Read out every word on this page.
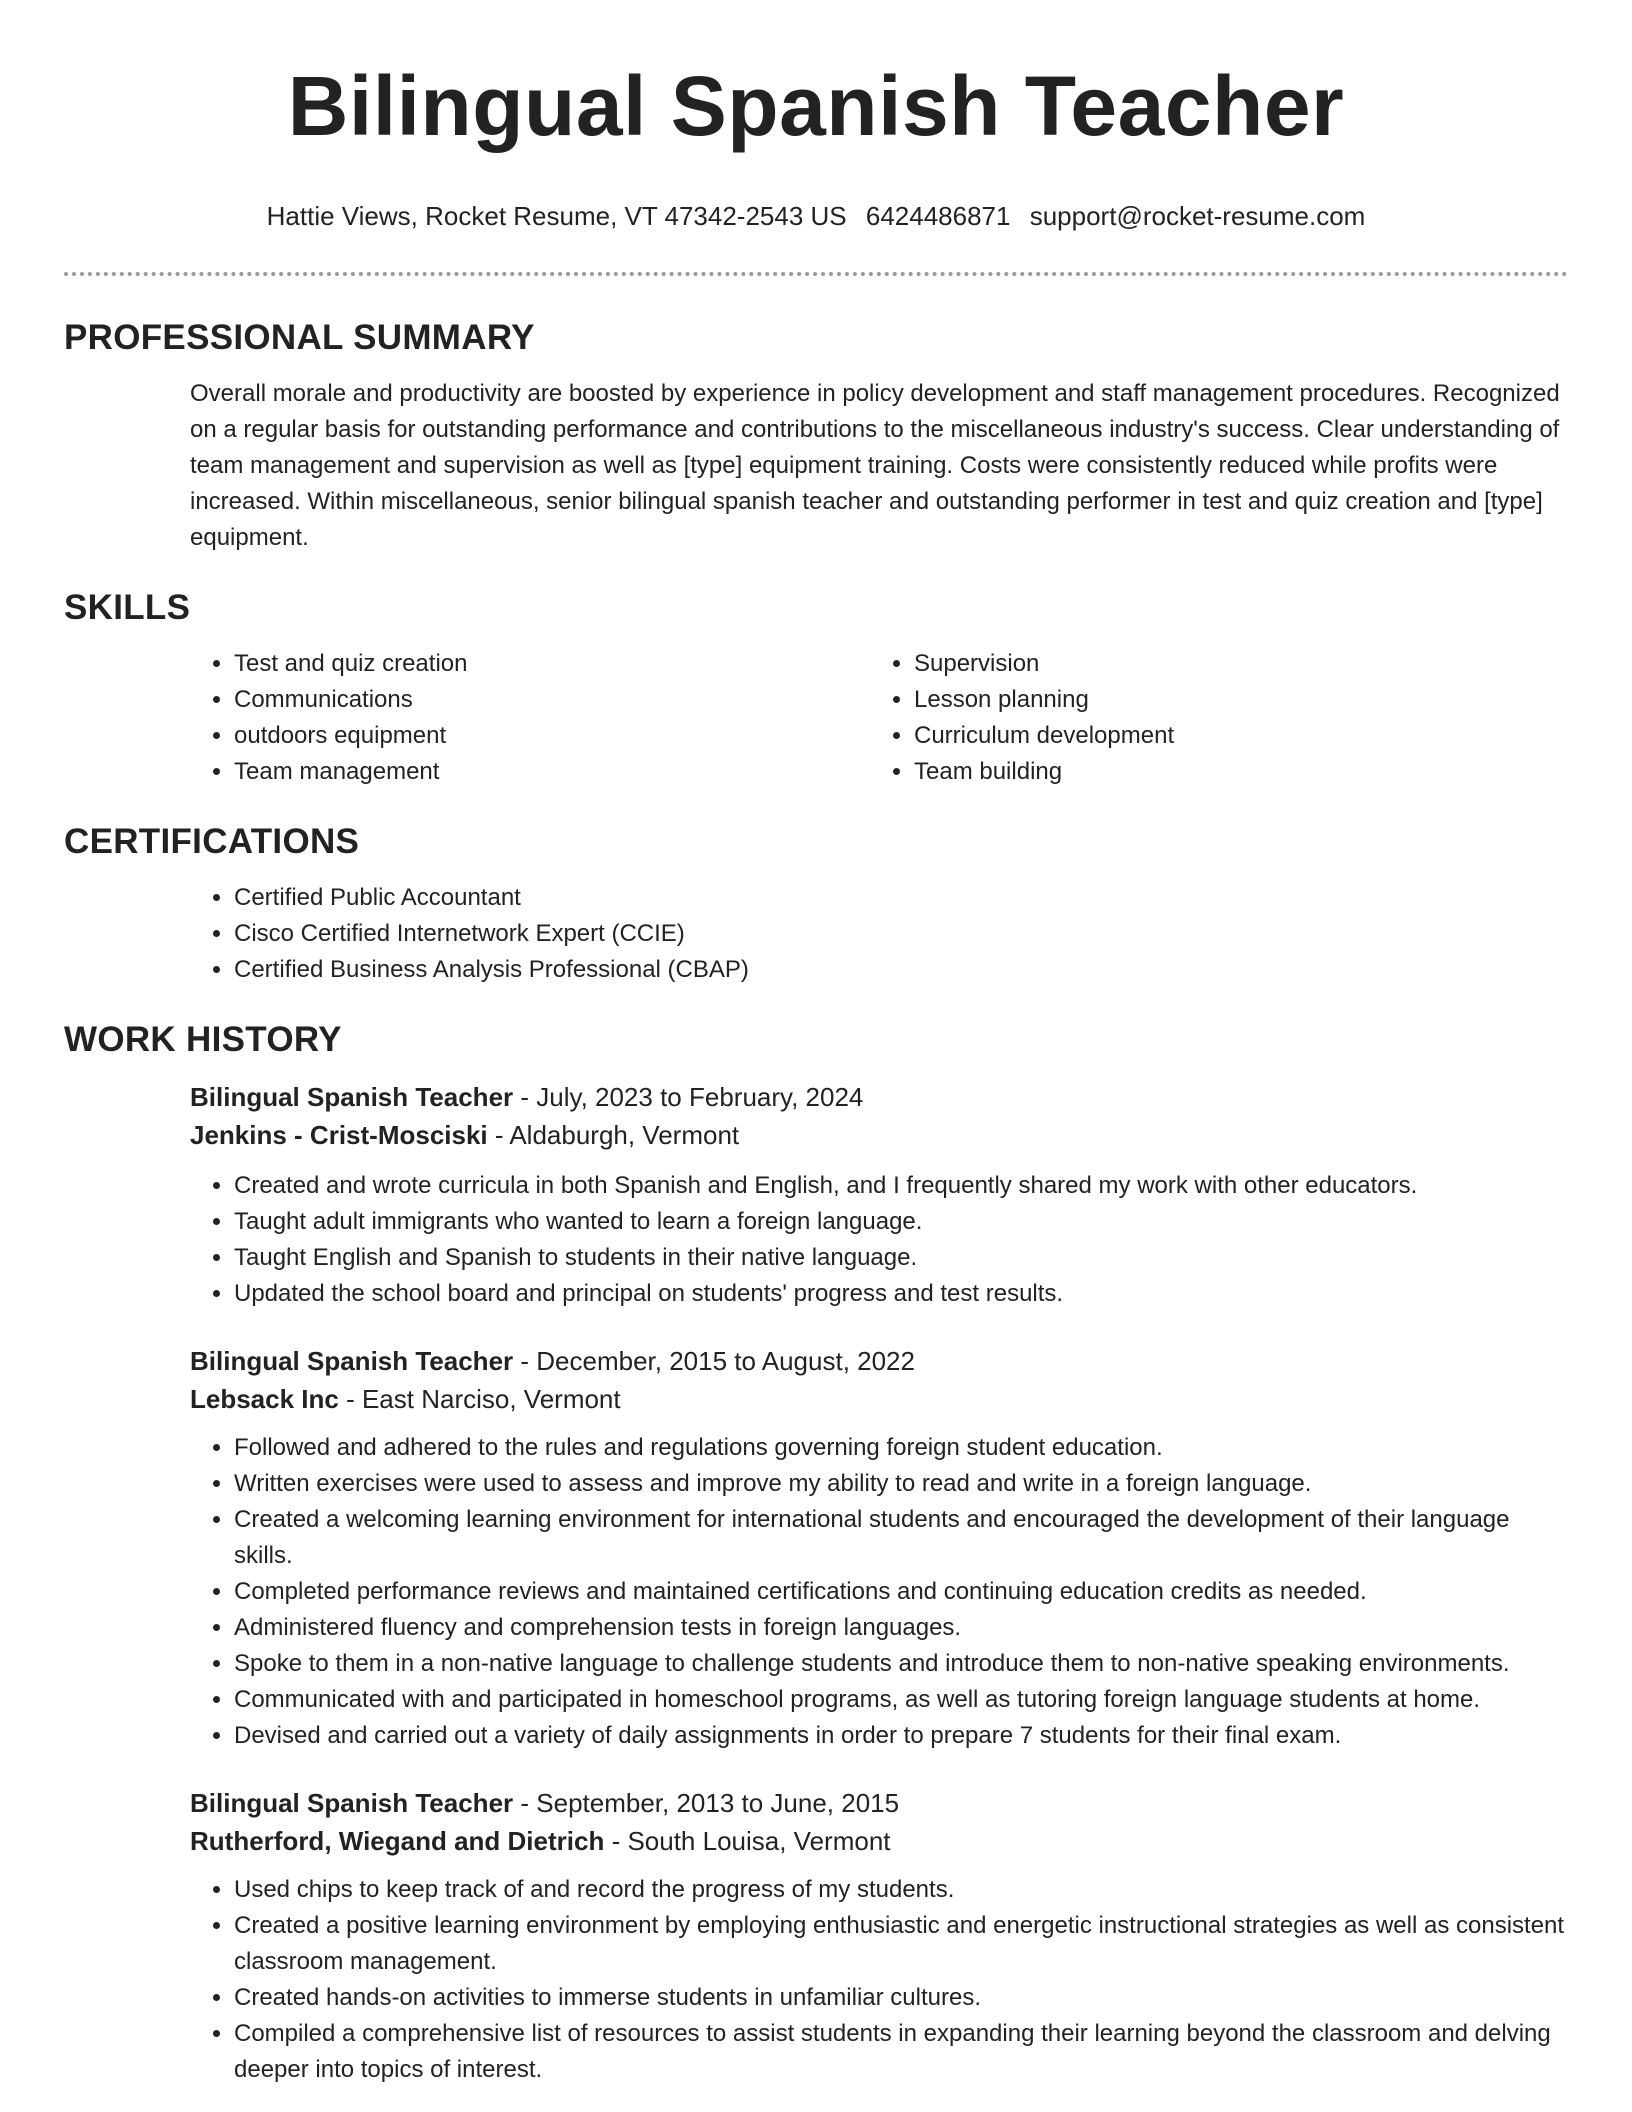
Bilingual Spanish Teacher
Hattie Views, Rocket Resume, VT 47342-2543 US 6424486871 support@rocket-resume.com
PROFESSIONAL SUMMARY
Overall morale and productivity are boosted by experience in policy development and staff management procedures. Recognized on a regular basis for outstanding performance and contributions to the miscellaneous industry's success. Clear understanding of team management and supervision as well as [type] equipment training. Costs were consistently reduced while profits were increased. Within miscellaneous, senior bilingual spanish teacher and outstanding performer in test and quiz creation and [type] equipment.
SKILLS
• Test and quiz creation
• Communications
• outdoors equipment
• Team management
• Supervision
• Lesson planning
• Curriculum development
• Team building
CERTIFICATIONS
• Certified Public Accountant
• Cisco Certified Internetwork Expert (CCIE)
• Certified Business Analysis Professional (CBAP)
WORK HISTORY
Bilingual Spanish Teacher - July, 2023 to February, 2024
Jenkins - Crist-Mosciski - Aldaburgh, Vermont
• Created and wrote curricula in both Spanish and English, and I frequently shared my work with other educators.
• Taught adult immigrants who wanted to learn a foreign language.
• Taught English and Spanish to students in their native language.
• Updated the school board and principal on students' progress and test results.
Bilingual Spanish Teacher - December, 2015 to August, 2022
Lebsack Inc - East Narciso, Vermont
• Followed and adhered to the rules and regulations governing foreign student education.
• Written exercises were used to assess and improve my ability to read and write in a foreign language.
• Created a welcoming learning environment for international students and encouraged the development of their language skills.
• Completed performance reviews and maintained certifications and continuing education credits as needed.
• Administered fluency and comprehension tests in foreign languages.
• Spoke to them in a non-native language to challenge students and introduce them to non-native speaking environments.
• Communicated with and participated in homeschool programs, as well as tutoring foreign language students at home.
• Devised and carried out a variety of daily assignments in order to prepare 7 students for their final exam.
Bilingual Spanish Teacher - September, 2013 to June, 2015
Rutherford, Wiegand and Dietrich - South Louisa, Vermont
• Used chips to keep track of and record the progress of my students.
• Created a positive learning environment by employing enthusiastic and energetic instructional strategies as well as consistent classroom management.
• Created hands-on activities to immerse students in unfamiliar cultures.
• Compiled a comprehensive list of resources to assist students in expanding their learning beyond the classroom and delving deeper into topics of interest.
